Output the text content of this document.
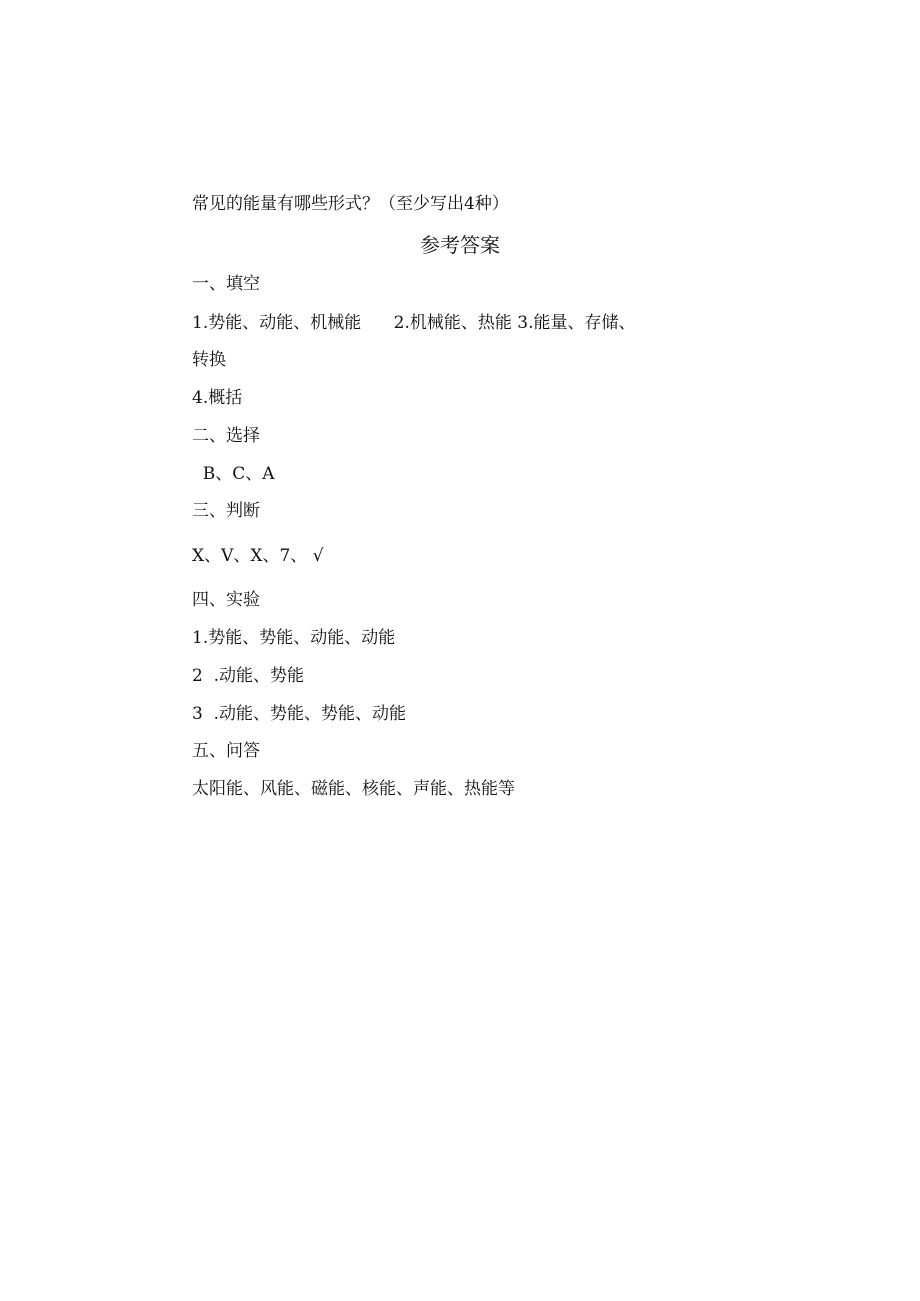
常见的能量有哪些形式？（至少写出4种）
参考答案
一、填空
1.势能、动能、机械能      2.机械能、热能 3.能量、存储、
转换
4.概括
二、选择
B、C、A
三、判断
X、V、X、7、 √
四、实验
1.势能、势能、动能、动能
2  .动能、势能
3  .动能、势能、势能、动能
五、问答
太阳能、风能、磁能、核能、声能、热能等
